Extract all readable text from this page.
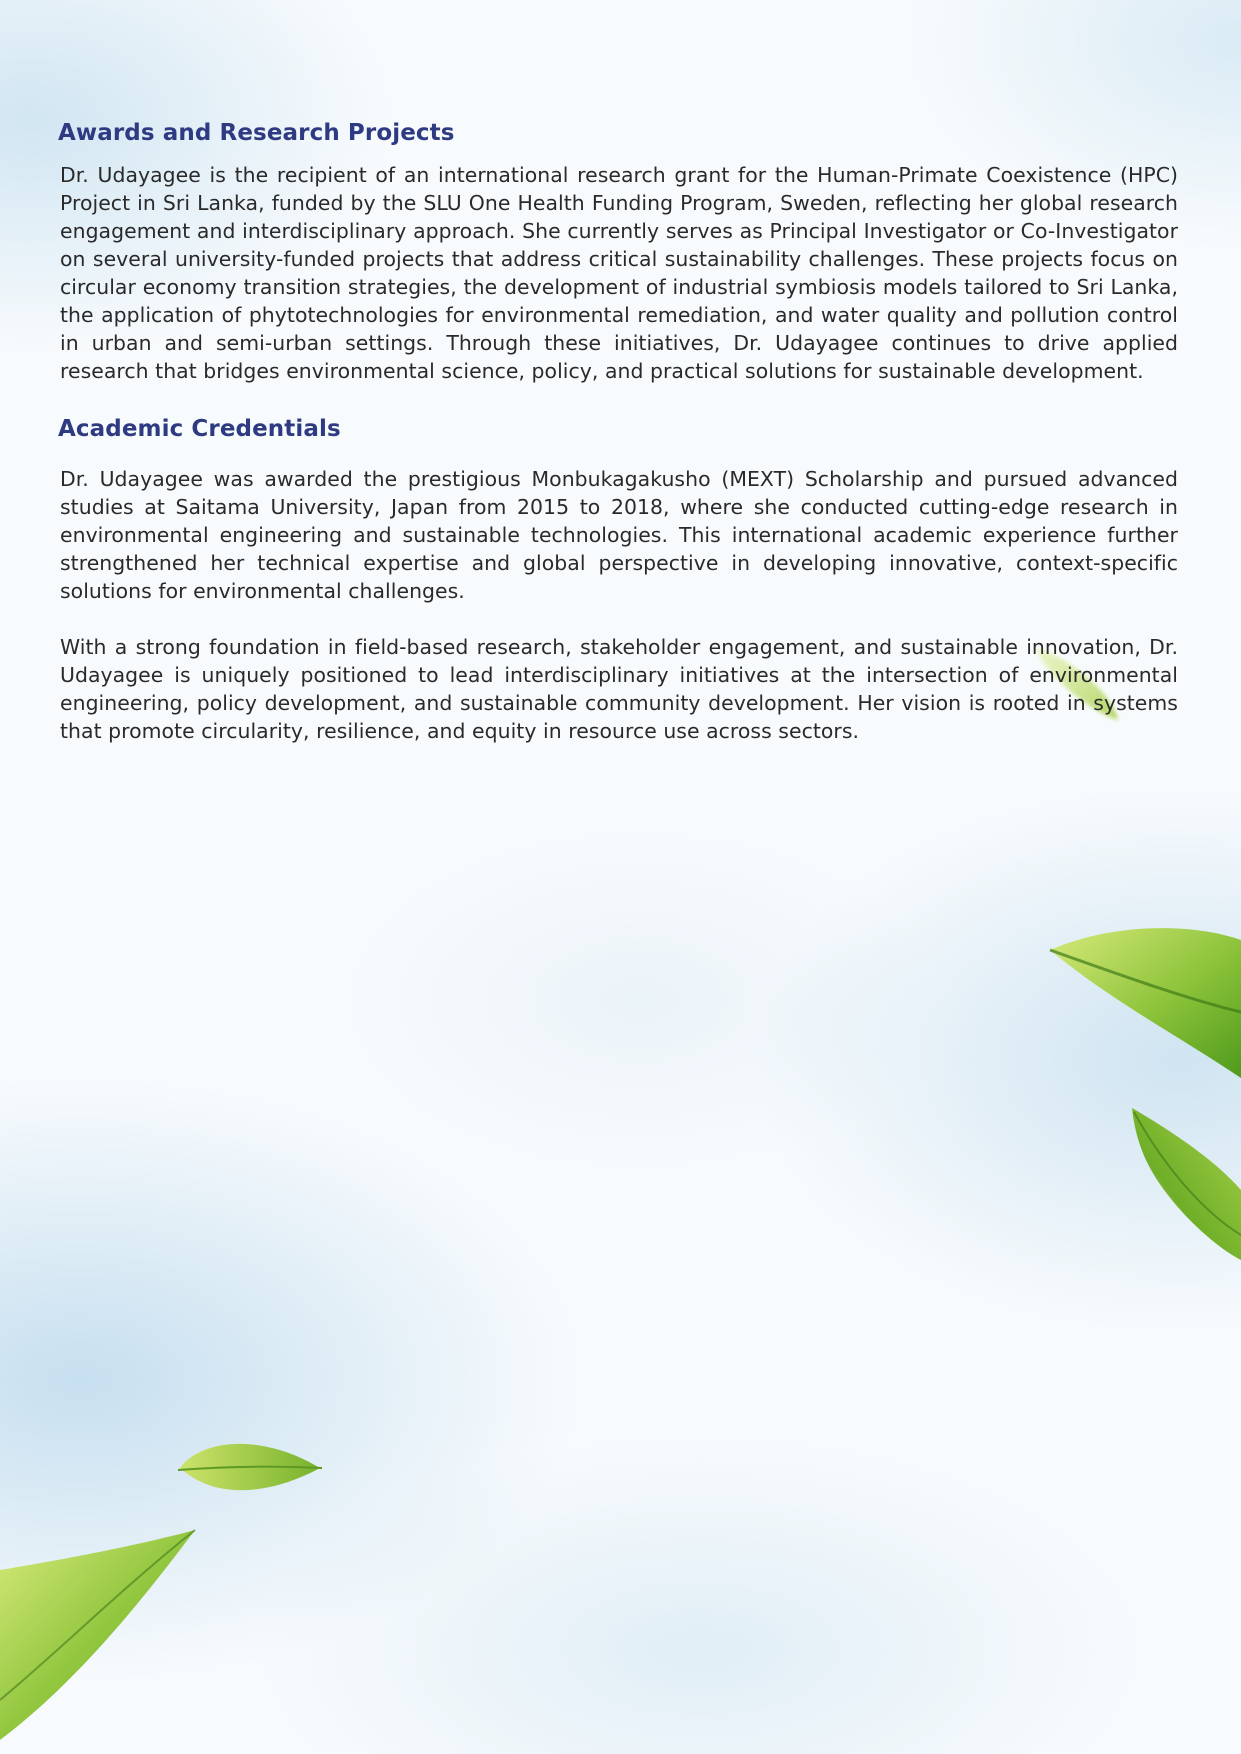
Awards and Research Projects

Dr. Udayagee is the recipient of an international research grant for the Human-Primate Coexistence (HPC) Project in Sri Lanka, funded by the SLU One Health Funding Program, Sweden, reflecting her global research engagement and interdisciplinary approach. She currently serves as Principal Investigator or Co-Investigator on several university-funded projects that address critical sustainability challenges. These projects focus on circular economy transition strategies, the development of industrial symbiosis models tailored to Sri Lanka, the application of phytotechnologies for environmental remediation, and water quality and pollution control in urban and semi-urban settings. Through these initiatives, Dr. Udayagee continues to drive applied research that bridges environmental science, policy, and practical solutions for sustainable development.

Academic Credentials

Dr. Udayagee was awarded the prestigious Monbukagakusho (MEXT) Scholarship and pursued advanced studies at Saitama University, Japan from 2015 to 2018, where she conducted cutting-edge research in environmental engineering and sustainable technologies. This international academic experience further strengthened her technical expertise and global perspective in developing innovative, context-specific solutions for environmental challenges.

With a strong foundation in field-based research, stakeholder engagement, and sustainable innovation, Dr. Udayagee is uniquely positioned to lead interdisciplinary initiatives at the intersection of environmental engineering, policy development, and sustainable community development. Her vision is rooted in systems that promote circularity, resilience, and equity in resource use across sectors.
